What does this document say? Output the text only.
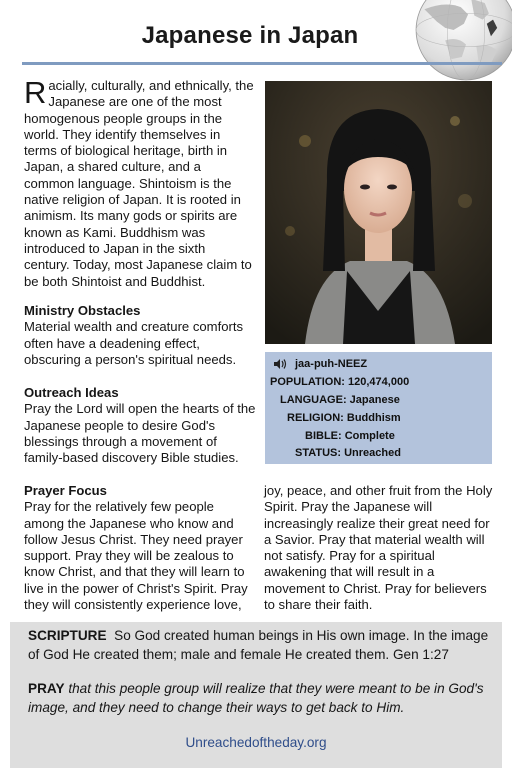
Japanese in Japan
Racially, culturally, and ethnically, the Japanese are one of the most homogenous people groups in the world. They identify themselves in terms of biological heritage, birth in Japan, a shared culture, and a common language. Shintoism is the native religion of Japan. It is rooted in animism. Its many gods or spirits are known as Kami. Buddhism was introduced to Japan in the sixth century. Today, most Japanese claim to be both Shintoist and Buddhist.
Ministry Obstacles
Material wealth and creature comforts often have a deadening effect, obscuring a person's spiritual needs.
Outreach Ideas
Pray the Lord will open the hearts of the Japanese people to desire God's blessings through a movement of family-based discovery Bible studies.
Prayer Focus
Pray for the relatively few people among the Japanese who know and follow Jesus Christ. They need prayer support. Pray they will be zealous to know Christ, and that they will learn to live in the power of Christ's Spirit. Pray they will consistently experience love,
joy, peace, and other fruit from the Holy Spirit. Pray the Japanese will increasingly realize their great need for a Savior. Pray that material wealth will not satisfy. Pray for a spiritual awakening that will result in a movement to Christ. Pray for believers to share their faith.
jaa-puh-NEEZ
POPULATION: 120,474,000
LANGUAGE: Japanese
RELIGION: Buddhism
BIBLE: Complete
STATUS: Unreached
SCRIPTURE So God created human beings in His own image. In the image of God He created them; male and female He created them. Gen 1:27
PRAY that this people group will realize that they were meant to be in God's image, and they need to change their ways to get back to Him.
Unreachedoftheday.org
